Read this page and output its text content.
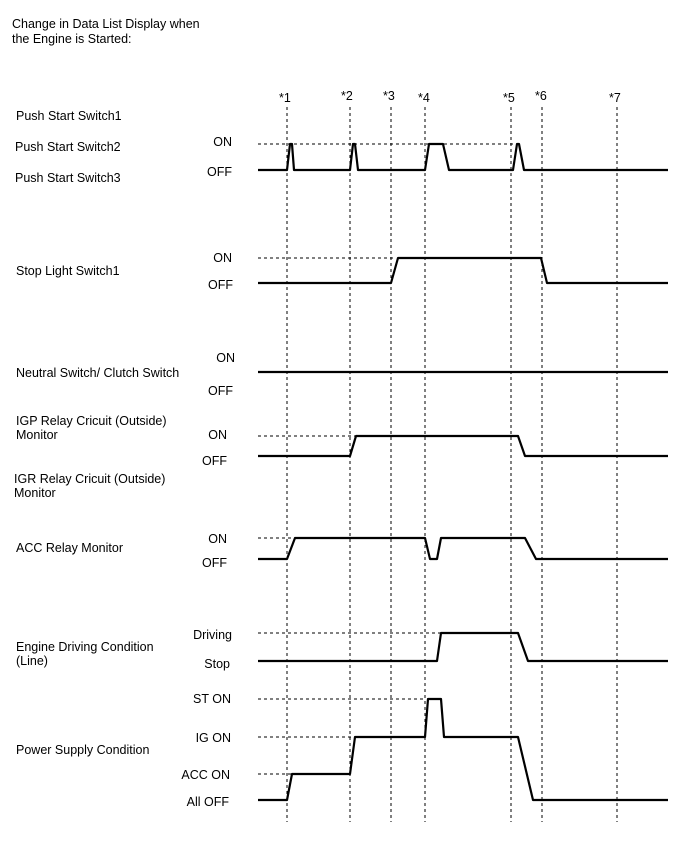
Change in Data List Display when
the Engine is Started:
*1	*2 *3 *4	*5 *6	*7
Push Start Switch1
Push Start Switch2
Push Start Switch3
Stop Light Switch1
Neutral Switch/ Clutch Switch
IGP Relay Cricuit (Outside)
Monitor
IGR Relay Cricuit (Outside)
Monitor
ACC Relay Monitor
Engine Driving Condition
(Line)
Power Supply Condition
ON
OFF
ON
OFF
ON
OFF
ON
OFF
ON
OFF
Driving
Stop
ST ON
IG ON
ACC ON
All OFF
